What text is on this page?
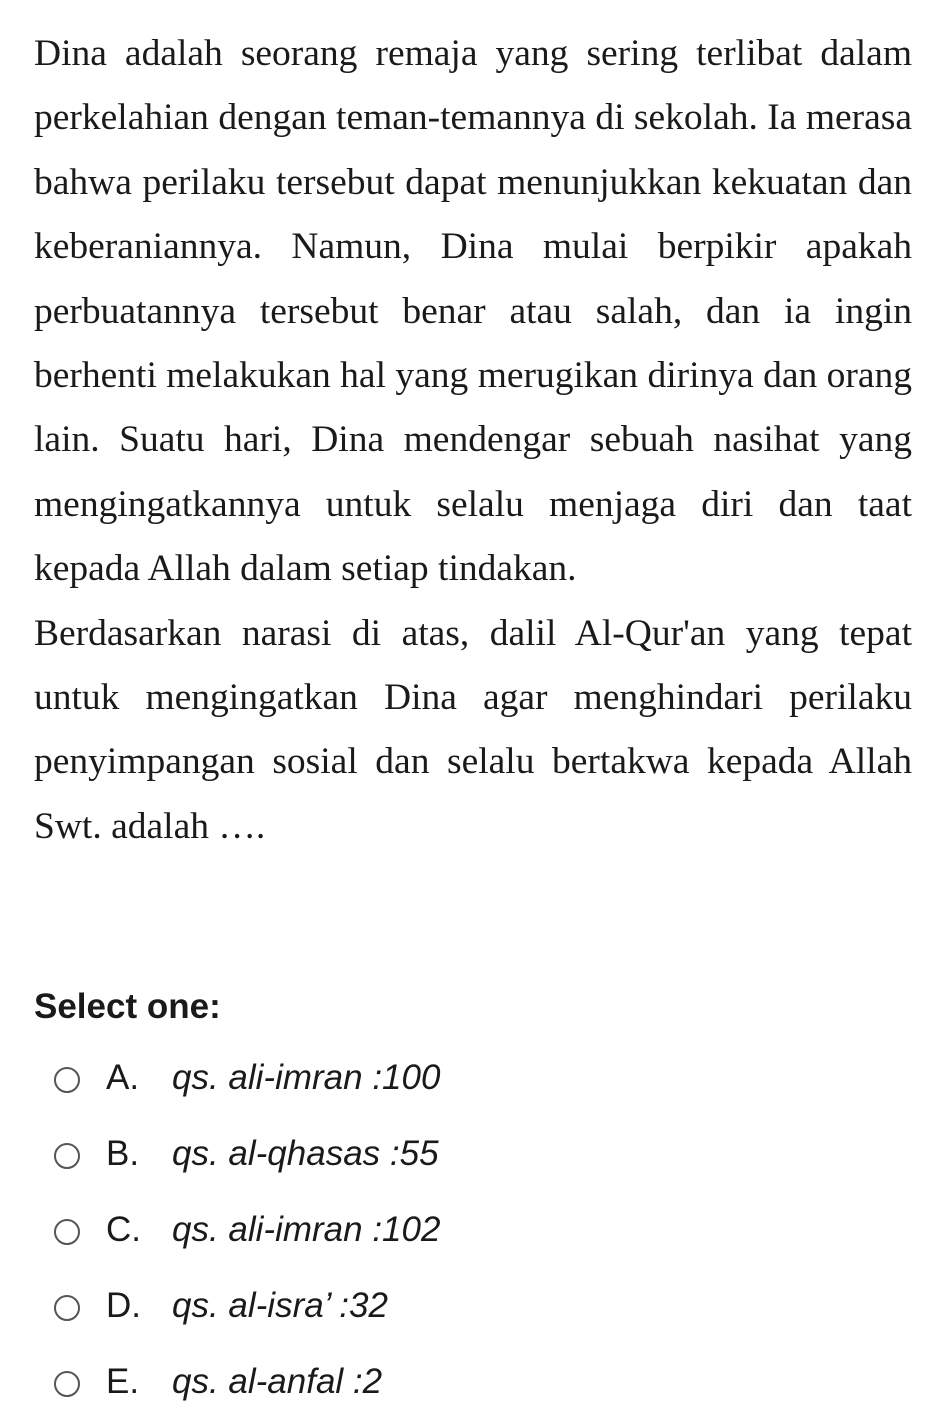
Dina adalah seorang remaja yang sering terlibat dalam perkelahian dengan teman-temannya di sekolah. Ia merasa bahwa perilaku tersebut dapat menunjukkan kekuatan dan keberaniannya. Namun, Dina mulai berpikir apakah perbuatannya tersebut benar atau salah, dan ia ingin berhenti melakukan hal yang merugikan dirinya dan orang lain. Suatu hari, Dina mendengar sebuah nasihat yang mengingatkannya untuk selalu menjaga diri dan taat kepada Allah dalam setiap tindakan.

Berdasarkan narasi di atas, dalil Al-Qur'an yang tepat untuk mengingatkan Dina agar menghindari perilaku penyimpangan sosial dan selalu bertakwa kepada Allah Swt. adalah ….

Select one:
A. qs. ali-imran :100
B. qs. al-qhasas :55
C. qs. ali-imran :102
D. qs. al-isra’ :32
E. qs. al-anfal :2
